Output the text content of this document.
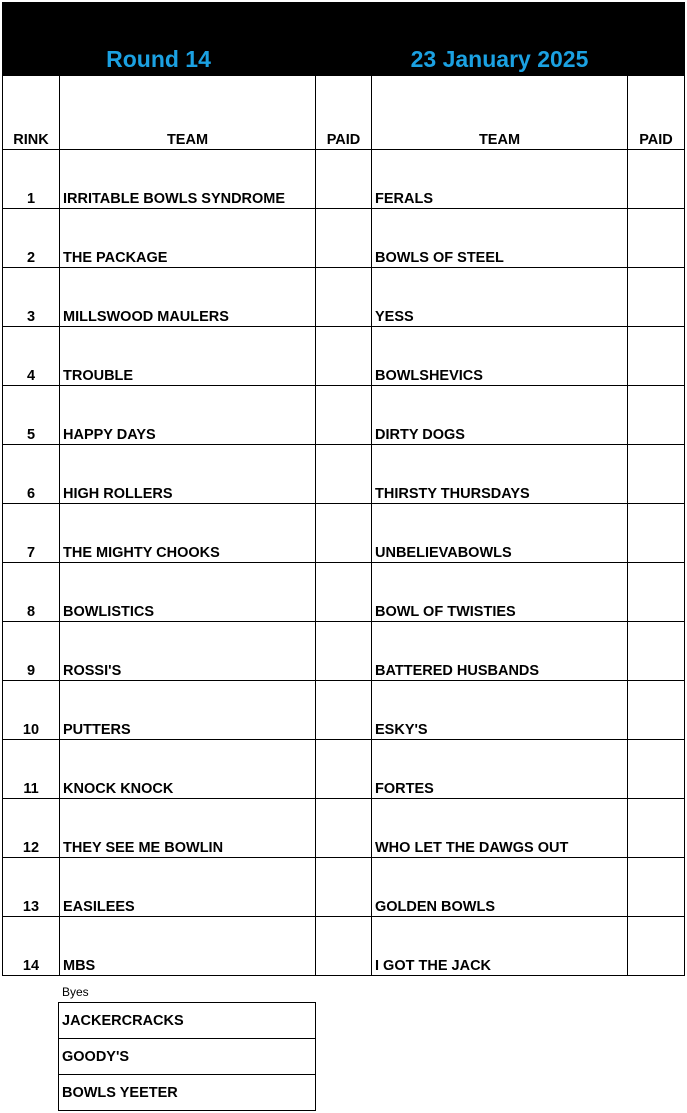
Round 14	23 January 2025
RINK	TEAM	PAID	TEAM	PAID
1	IRRITABLE BOWLS SYNDROME		FERALS	
2	THE PACKAGE		BOWLS OF STEEL	
3	MILLSWOOD MAULERS		YESS	
4	TROUBLE		BOWLSHEVICS	
5	HAPPY DAYS		DIRTY DOGS	
6	HIGH ROLLERS		THIRSTY THURSDAYS	
7	THE MIGHTY CHOOKS		UNBELIEVABOWLS	
8	BOWLISTICS		BOWL OF TWISTIES	
9	ROSSI'S		BATTERED HUSBANDS	
10	PUTTERS		ESKY'S	
11	KNOCK KNOCK		FORTES	
12	THEY SEE ME BOWLIN		WHO LET THE DAWGS OUT	
13	EASILEES		GOLDEN BOWLS	
14	MBS		I GOT THE JACK	
Byes
JACKERCRACKS
GOODY'S
BOWLS YEETER
